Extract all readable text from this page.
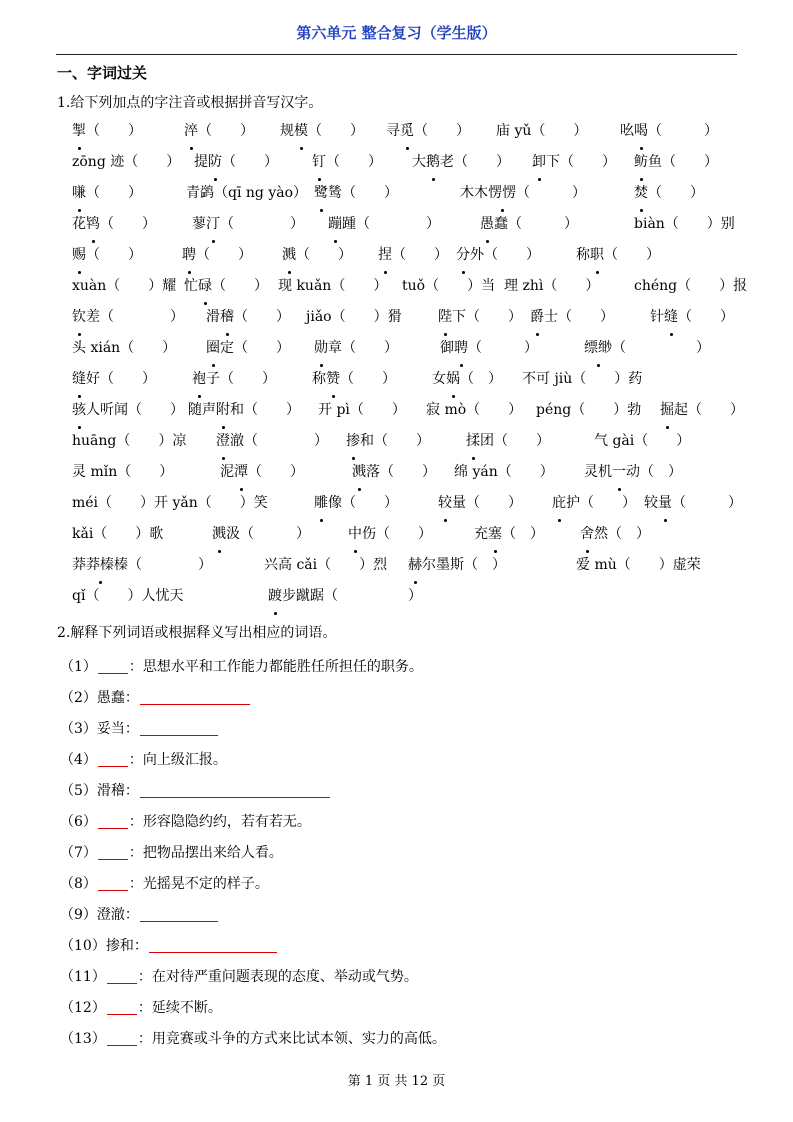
第六单元 整合复习（学生版）
一、字词过关
1.给下列加点的字注音或根据拼音写汉字。
掣（　　）	淬（　　） 规模（　　） 寻觅（　　） 庙 yǔ（　　） 吆喝（　　　）
zōng 迹（　　） 提防（　　） 钉（　　） 大鹅老（　　） 卸下（　　） 鲂鱼（　　）
嗛（　　）	青鹢（qī ng yào） 鹭鸶（　　）	木木愣愣（　　　）	焚（　　）
花鸨（　　）	蓼汀（　　　　） 蹦踵（　　　　）	愚蠢（　　　）	biàn（　　）别
赐（　　）	聘（　　） 溅（　　） 捏（　　） 分外（　　）	称职（　　）
xuàn（　　）耀 忙碌（　　） 现 kuǎn（　　） tuǒ（　　）当 理 zhì（　　） chéng（　　）报
钦差（　　　　） 滑稽（　　） jiǎo（　　）猾	陛下（　　） 爵士（　　）	针缝（　　）
头 xián（　　） 圈定（　　） 勋章（　　）	御聘（　　　）	缥缈（　　　　　）
缝好（　　）	袍子（　　）	称赞（　　）	女娲（　） 不可 jiù（　　）药
骇人听闻（　　） 随声附和（　　） 开 pì（　　） 寂 mò（　　） péng（　　）勃 掘起（　　）
huāng（　　）凉 澄澈（　　　　） 掺和（　　）	揉团（　　）	气 gài（　　）
灵 mǐn（　　）	泥潭（　　）	溅落（　　） 绵 yán（　　） 灵机一动（　）
méi（　　）开 yǎn（　　）笑	雕像（　　）	较量（　　） 庇护（　　） 较量（　　　）
kǎi（　　）歌	溅汲（　　　）	中伤（　　）	充塞（　）	舍然（　）
莽莽榛榛（　　　　）	兴高 cǎi（　　）烈 赫尔墨斯（　）	爱 mù（　　）虚荣
qǐ（　　）人忧天	踱步蹴踞（　　　　　）
2.解释下列词语或根据释义写出相应的词语。
（1） ：思想水平和工作能力都能胜任所担任的职务。
（2）愚蠢：
（3）妥当：
（4） ：向上级汇报。
（5）滑稽：
（6） ：形容隐隐约约，若有若无。
（7） ：把物品摆出来给人看。
（8） ：光摇晃不定的样子。
（9）澄澈：
（10）掺和：
（11） ：在对待严重问题表现的态度、举动或气势。
（12） ：延续不断。
（13） ：用竞赛或斗争的方式来比试本领、实力的高低。
第 1 页 共 12 页
